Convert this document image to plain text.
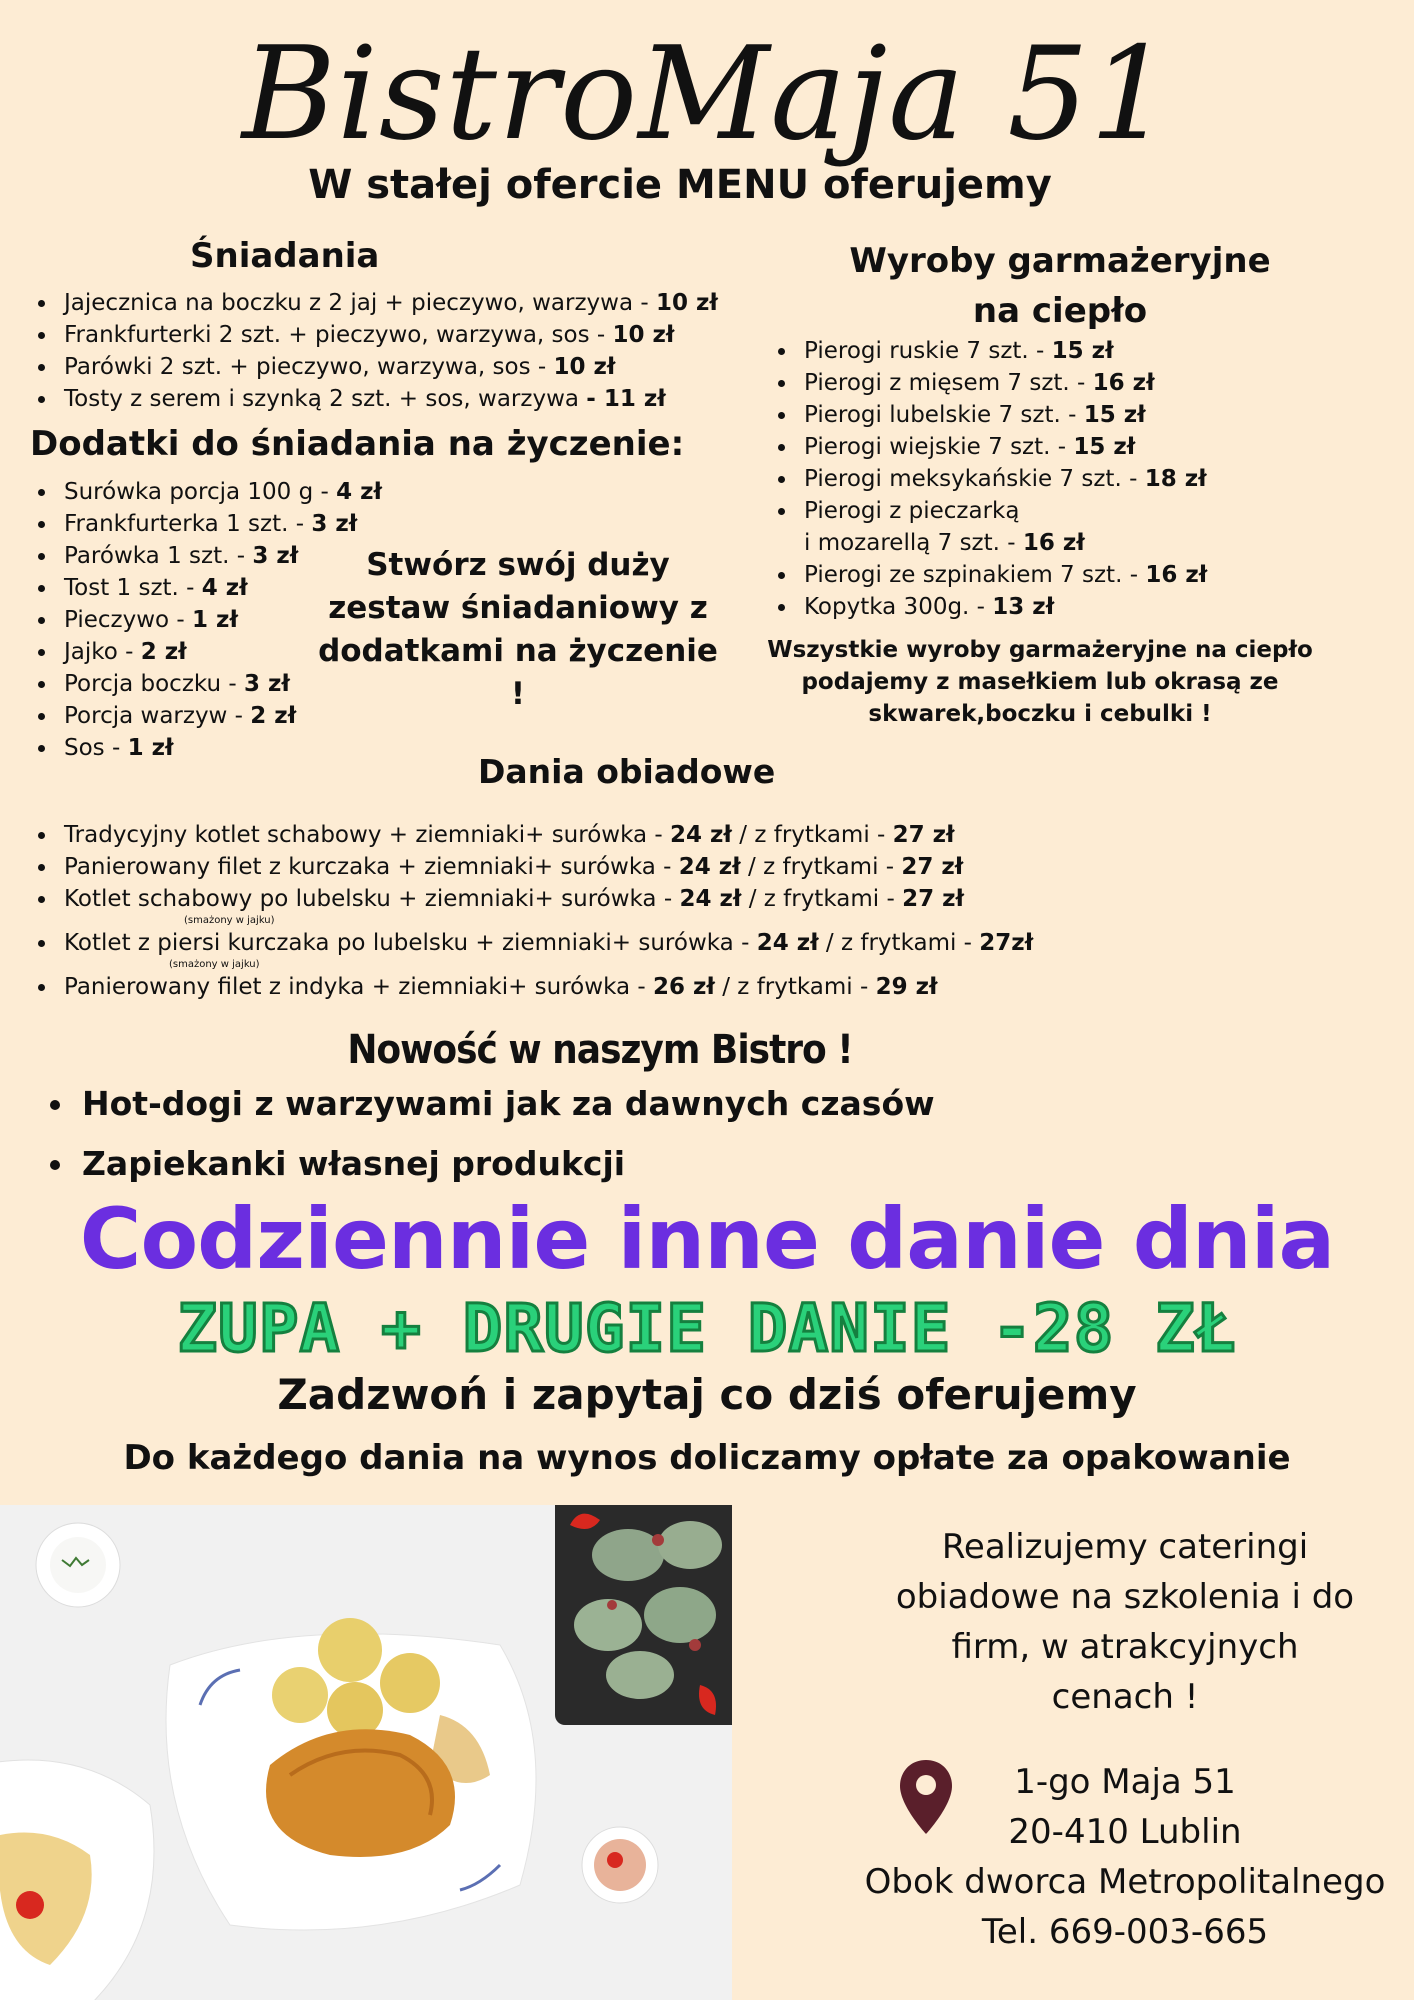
BistroMaja 51
W stałej ofercie MENU oferujemy
Śniadania
Jajecznica na boczku z 2 jaj + pieczywo, warzywa - 10 zł
Frankfurterki 2 szt. + pieczywo, warzywa, sos - 10 zł
Parówki 2 szt. + pieczywo, warzywa, sos - 10 zł
Tosty z serem i szynką 2 szt. + sos, warzywa - 11 zł
Dodatki do śniadania na życzenie:
Surówka porcja 100 g - 4 zł
Frankfurterka 1 szt. - 3 zł
Parówka 1 szt. - 3 zł
Tost 1 szt. - 4 zł
Pieczywo - 1 zł
Jajko - 2 zł
Porcja boczku - 3 zł
Porcja warzyw - 2 zł
Sos - 1 zł
Stwórz swój duży
zestaw śniadaniowy z
dodatkami na życzenie !
Wyroby garmażeryjne
na ciepło
Pierogi ruskie 7 szt. - 15 zł
Pierogi z mięsem 7 szt. - 16 zł
Pierogi lubelskie 7 szt. - 15 zł
Pierogi wiejskie 7 szt. - 15 zł
Pierogi meksykańskie 7 szt. - 18 zł
Pierogi z pieczarką
i mozarellą 7 szt. - 16 zł
Pierogi ze szpinakiem 7 szt. - 16 zł
Kopytka 300g. - 13 zł
Wszystkie wyroby garmażeryjne na ciepło
podajemy z masełkiem lub okrasą ze
skwarek,boczku i cebulki !
Dania obiadowe
Tradycyjny kotlet schabowy + ziemniaki+ surówka - 24 zł / z frytkami - 27 zł
Panierowany filet z kurczaka + ziemniaki+ surówka - 24 zł / z frytkami - 27 zł
Kotlet schabowy po lubelsku + ziemniaki+ surówka - 24 zł / z frytkami - 27 zł
(smażony w jajku)
Kotlet z piersi kurczaka po lubelsku + ziemniaki+ surówka - 24 zł / z frytkami - 27zł
(smażony w jajku)
Panierowany filet z indyka + ziemniaki+ surówka - 26 zł / z frytkami - 29 zł
Nowość w naszym Bistro !
Hot-dogi z warzywami jak za dawnych czasów
Zapiekanki własnej produkcji
Codziennie inne danie dnia
ZUPA + DRUGIE DANIE -28 ZŁ
Zadzwoń i zapytaj co dziś oferujemy
Do każdego dania na wynos doliczamy opłate za opakowanie
Realizujemy cateringi
obiadowe na szkolenia i do
firm, w atrakcyjnych
cenach !
1-go Maja 51
20-410 Lublin
Obok dworca Metropolitalnego
Tel. 669-003-665
